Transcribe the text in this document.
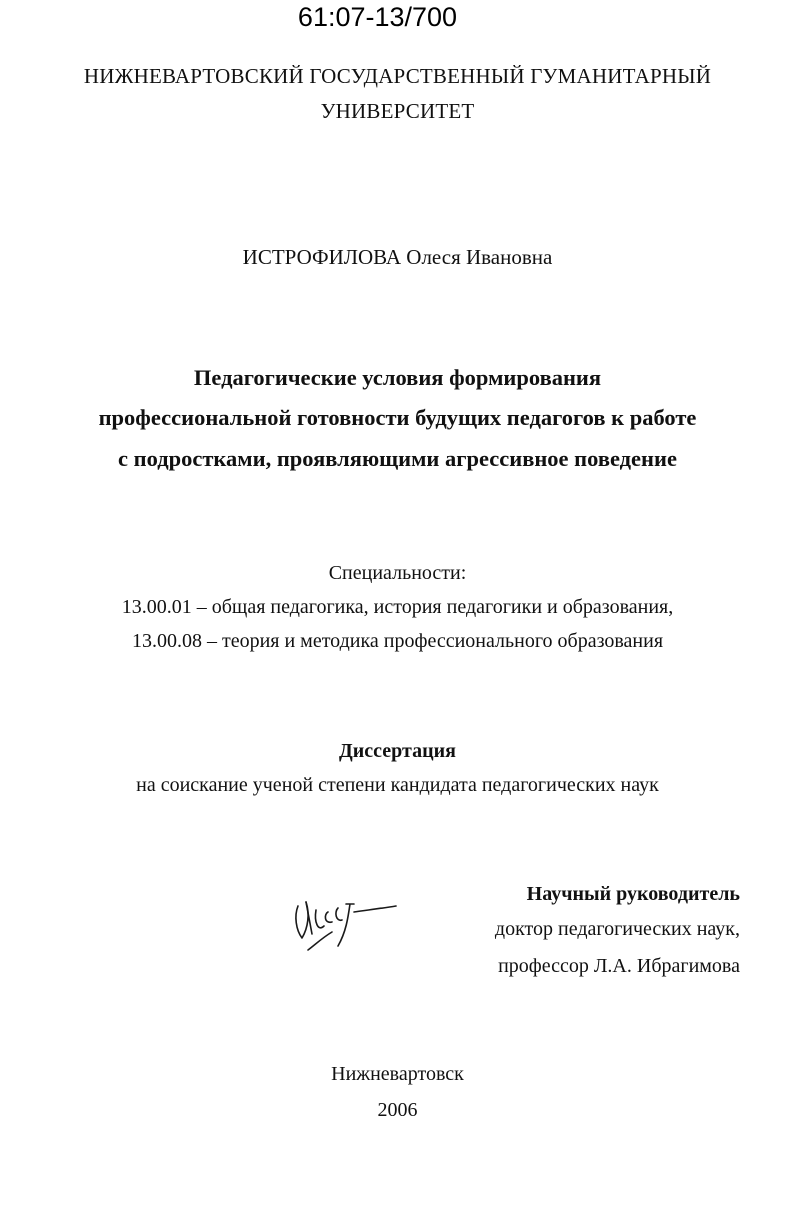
61:07-13/700
НИЖНЕВАРТОВСКИЙ ГОСУДАРСТВЕННЫЙ ГУМАНИТАРНЫЙ
УНИВЕРСИТЕТ
ИСТРОФИЛОВА Олеся Ивановна
Педагогические условия формирования
профессиональной готовности будущих педагогов к работе
с подростками, проявляющими агрессивное поведение
Специальности:
13.00.01 – общая педагогика, история педагогики и образования,
13.00.08 – теория и методика профессионального образования
Диссертация
на соискание ученой степени кандидата педагогических наук
Научный руководитель
доктор педагогических наук,
профессор Л.А. Ибрагимова
Нижневартовск
2006
